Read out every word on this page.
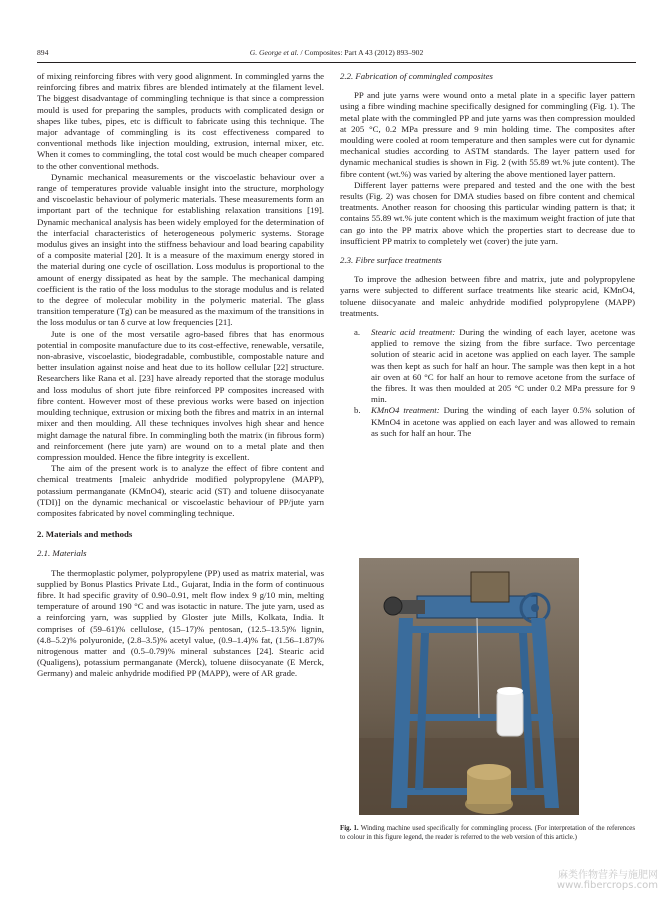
894	G. George et al. / Composites: Part A 43 (2012) 893–902

of mixing reinforcing fibres with very good alignment. In commingled yarns the reinforcing fibres and matrix fibres are blended intimately at the filament level. The biggest disadvantage of commingling technique is that since a compression mould is used for preparing the samples, products with complicated design or shapes like tubes, pipes, etc is difficult to fabricate using this technique. The major advantage of commingling is its cost effectiveness compared to conventional methods like injection moulding, extrusion, internal mixer, etc. When it comes to commingling, the total cost would be much cheaper compared to the other conventional methods.

Dynamic mechanical measurements or the viscoelastic behaviour over a range of temperatures provide valuable insight into the structure, morphology and viscoelastic behaviour of polymeric materials. These measurements form an important part of the technique for establishing relaxation transitions [19]. Dynamic mechanical analysis has been widely employed for the determination of the interfacial characteristics of heterogeneous polymeric systems. Storage modulus gives an insight into the stiffness behaviour and load bearing capability of a composite material [20]. It is a measure of the maximum energy stored in the material during one cycle of oscillation. Loss modulus is proportional to the amount of energy dissipated as heat by the sample. The mechanical damping coefficient is the ratio of the loss modulus to the storage modulus and is related to the degree of molecular mobility in the polymeric material. The glass transition temperature (Tg) can be measured as the maximum of the transitions in the loss modulus or tan δ curve at low frequencies [21].

Jute is one of the most versatile agro-based fibres that has enormous potential in composite manufacture due to its cost-effective, renewable, versatile, non-abrasive, viscoelastic, biodegradable, combustible, compostable nature and better insulation against noise and heat due to its hollow cellular [22] structure. Researchers like Rana et al. [23] have already reported that the storage modulus and loss modulus of short jute fibre reinforced PP composites increased with fibre content. However most of these previous works were based on injection moulding technique, extrusion or mixing both the fibres and matrix in an internal mixer and then moulding. All these techniques involves high shear and hence might damage the natural fibre. In commingling both the matrix (in fibrous form) and reinforcement (here jute yarn) are wound on to a metal plate and then compression moulded. Hence the fibre integrity is excellent.

The aim of the present work is to analyze the effect of fibre content and chemical treatments [maleic anhydride modified polypropylene (MAPP), potassium permanganate (KMnO4), stearic acid (ST) and toluene diisocyanate (TDI)] on the dynamic mechanical or viscoelastic behaviour of PP/jute yarn composites fabricated by novel commingling technique.

2. Materials and methods
2.1. Materials

The thermoplastic polymer, polypropylene (PP) used as matrix material, was supplied by Bonus Plastics Private Ltd., Gujarat, India in the form of continuous fibre. It had specific gravity of 0.90–0.91, melt flow index 9 g/10 min, melting temperature of around 190 °C and was isotactic in nature. The jute yarn, used as a reinforcing yarn, was supplied by Gloster jute Mills, Kolkata, India. It comprises of (59–61)% cellulose, (15–17)% pentosan, (12.5–13.5)% lignin, (4.8–5.2)% polyuronide, (2.8–3.5)% acetyl value, (0.9–1.4)% fat, (1.56–1.87)% nitrogenous matter and (0.5–0.79)% mineral substances [24]. Stearic acid (Qualigens), potassium permanganate (Merck), toluene diisocyanate (E Merck, Germany) and maleic anhydride modified PP (MAPP), were of AR grade.

2.2. Fabrication of commingled composites

PP and jute yarns were wound onto a metal plate in a specific layer pattern using a fibre winding machine specifically designed for commingling (Fig. 1). The metal plate with the commingled PP and jute yarns was then compression moulded at 205 °C, 0.2 MPa pressure and 9 min holding time. The composites after moulding were cooled at room temperature and then samples were cut for dynamic mechanical studies according to ASTM standards. The layer pattern used for dynamic mechanical studies is shown in Fig. 2 (with 55.89 wt.% jute content). The fibre content (wt.%) was varied by altering the above mentioned layer pattern.

Different layer patterns were prepared and tested and the one with the best results (Fig. 2) was chosen for DMA studies based on fibre content and chemical treatments. Another reason for choosing this particular winding pattern is that; it contains 55.89 wt.% jute content which is the maximum weight fraction of jute that can go into the PP matrix above which the properties start to decrease due to insufficient PP matrix to completely wet (cover) the jute yarn.

2.3. Fibre surface treatments

To improve the adhesion between fibre and matrix, jute and polypropylene yarns were subjected to different surface treatments like stearic acid, KMnO4, toluene diisocyanate and maleic anhydride modified polypropylene (MAPP) treatments.

a. Stearic acid treatment: During the winding of each layer, acetone was applied to remove the sizing from the fibre surface. Two percentage solution of stearic acid in acetone was applied on each layer. The sample was then kept as such for half an hour. The sample was then kept in a hot air oven at 60 °C for half an hour to remove acetone from the surface of the fibres. It was then moulded at 205 °C under 0.2 MPa pressure for 9 min.
b. KMnO4 treatment: During the winding of each layer 0.5% solution of KMnO4 in acetone was applied on each layer and was allowed to remain as such for half an hour. The
Fig. 1. Winding machine used specifically for commingling process. (For interpretation of the references to colour in this figure legend, the reader is referred to the web version of this article.)
麻类作物营养与施肥网
www.fibercrops.com
